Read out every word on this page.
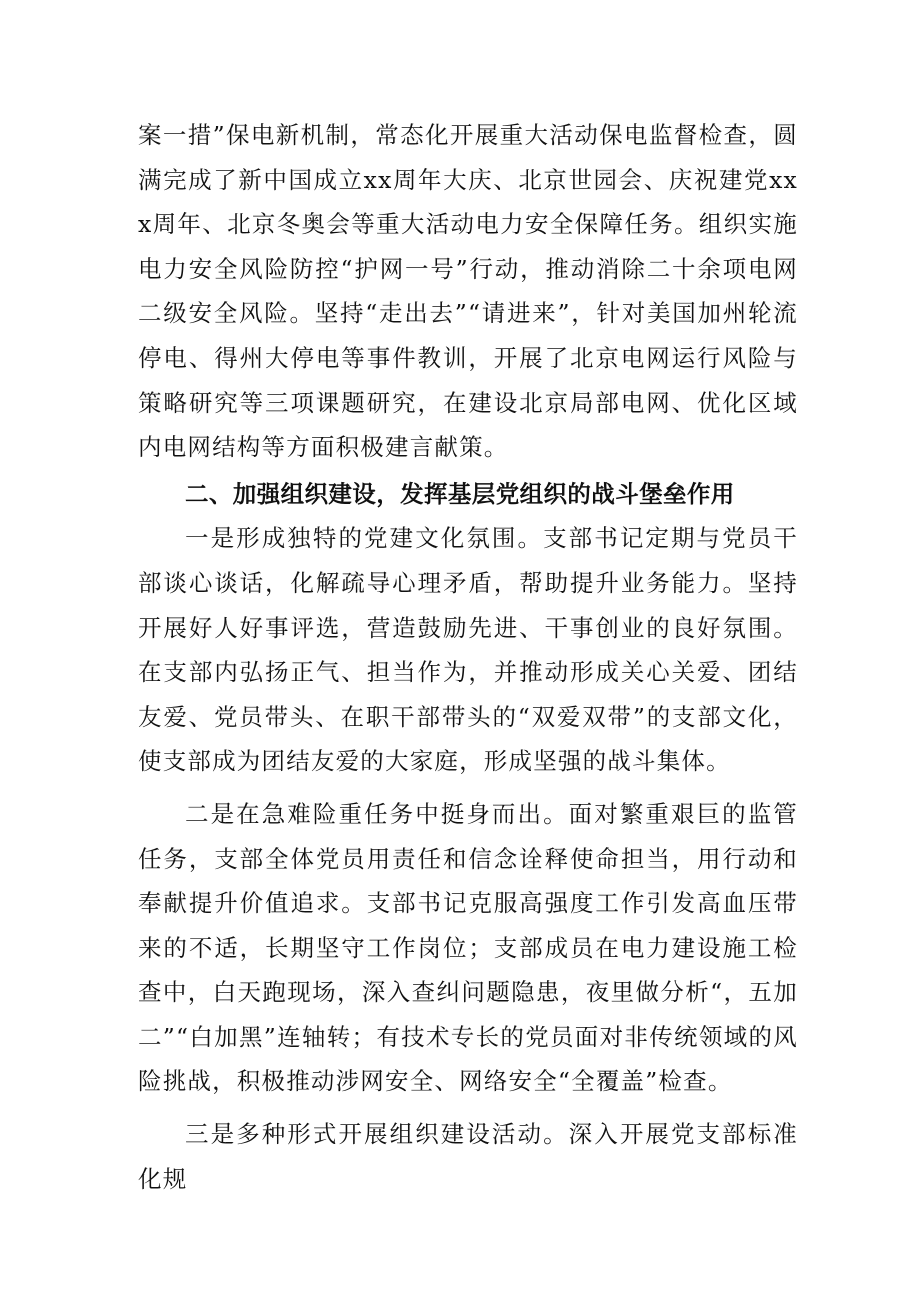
案一措”保电新机制，常态化开展重大活动保电监督检查，圆满完成了新中国成立xx周年大庆、北京世园会、庆祝建党xxx周年、北京冬奥会等重大活动电力安全保障任务。组织实施电力安全风险防控“护网一号”行动，推动消除二十余项电网二级安全风险。坚持“走出去”“请进来”，针对美国加州轮流停电、得州大停电等事件教训，开展了北京电网运行风险与策略研究等三项课题研究，在建设北京局部电网、优化区域内电网结构等方面积极建言献策。

二、加强组织建设，发挥基层党组织的战斗堡垒作用

一是形成独特的党建文化氛围。支部书记定期与党员干部谈心谈话，化解疏导心理矛盾，帮助提升业务能力。坚持开展好人好事评选，营造鼓励先进、干事创业的良好氛围。在支部内弘扬正气、担当作为，并推动形成关心关爱、团结友爱、党员带头、在职干部带头的“双爱双带”的支部文化，使支部成为团结友爱的大家庭，形成坚强的战斗集体。

二是在急难险重任务中挺身而出。面对繁重艰巨的监管任务，支部全体党员用责任和信念诠释使命担当，用行动和奉献提升价值追求。支部书记克服高强度工作引发高血压带来的不适，长期坚守工作岗位；支部成员在电力建设施工检查中，白天跑现场，深入查纠问题隐患，夜里做分析“，五加二”“白加黑”连轴转；有技术专长的党员面对非传统领域的风险挑战，积极推动涉网安全、网络安全“全覆盖”检查。

三是多种形式开展组织建设活动。深入开展党支部标准化规
